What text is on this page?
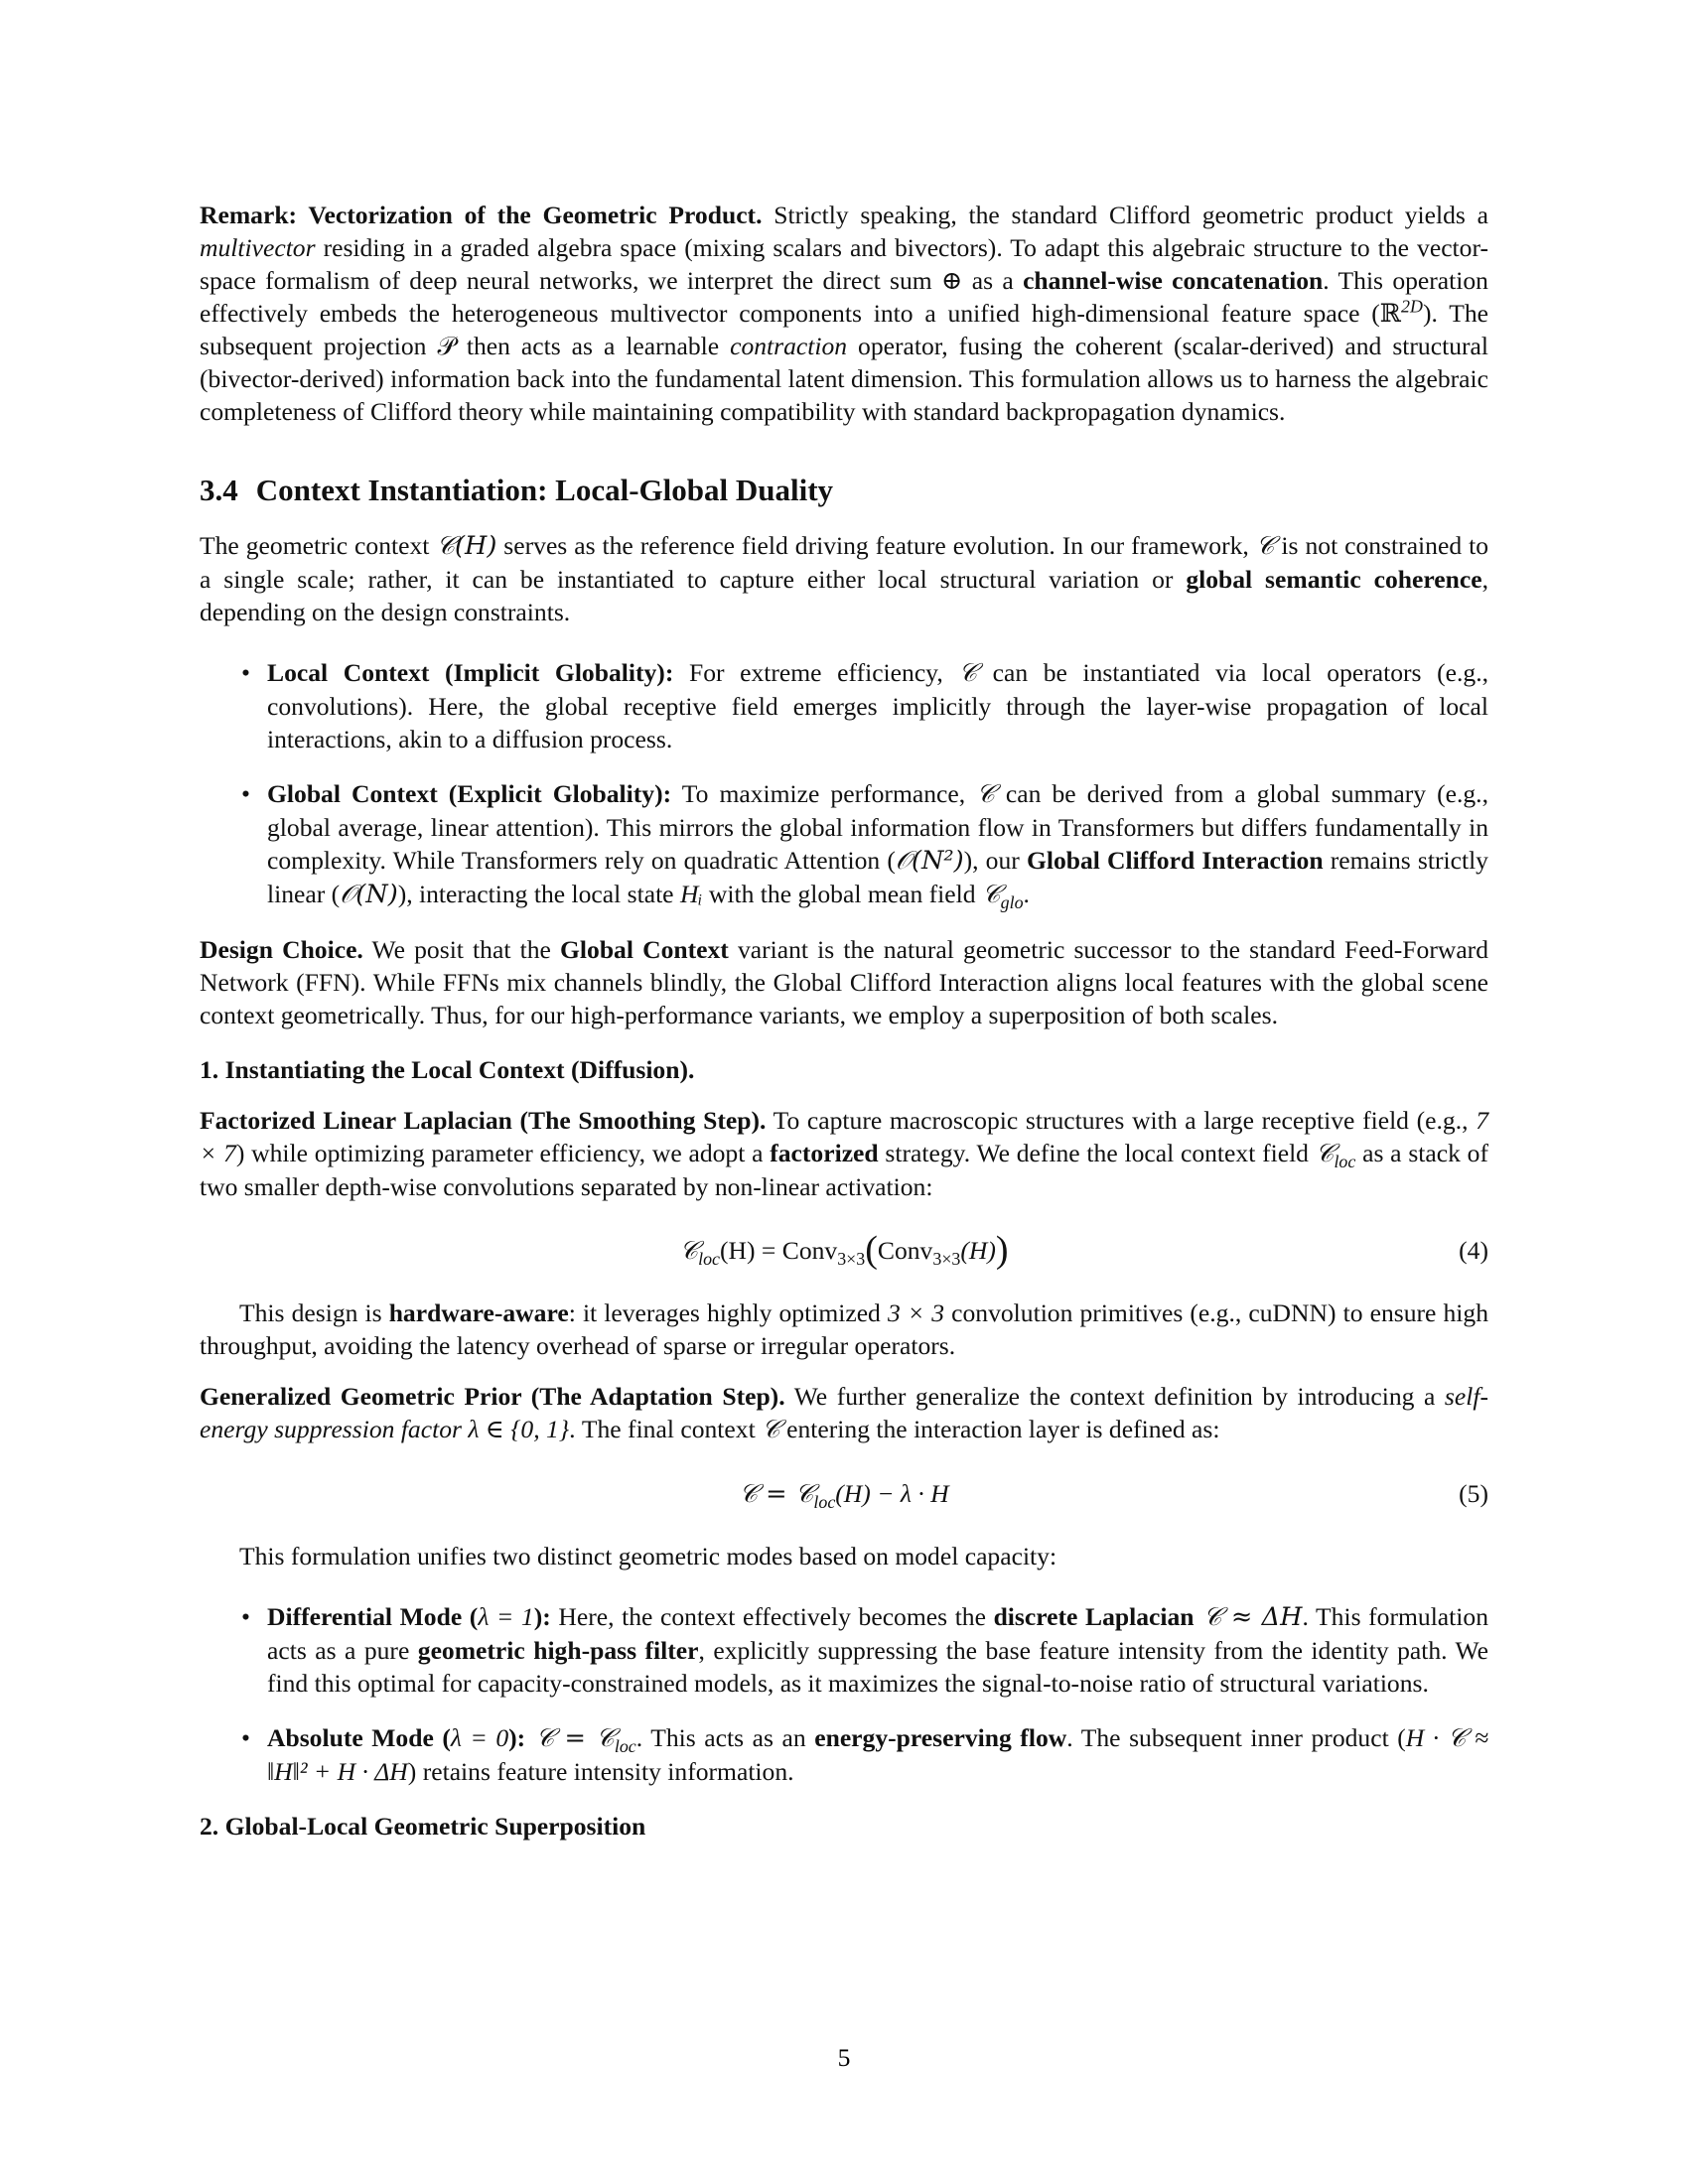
Remark: Vectorization of the Geometric Product. Strictly speaking, the standard Clifford geometric product yields a multivector residing in a graded algebra space (mixing scalars and bivectors). To adapt this algebraic structure to the vector-space formalism of deep neural networks, we interpret the direct sum ⊕ as a channel-wise concatenation. This operation effectively embeds the heterogeneous multivector components into a unified high-dimensional feature space (ℝ$^{2D}$). The subsequent projection 𝒫 then acts as a learnable contraction operator, fusing the coherent (scalar-derived) and structural (bivector-derived) information back into the fundamental latent dimension. This formulation allows us to harness the algebraic completeness of Clifford theory while maintaining compatibility with standard backpropagation dynamics.

3.4 Context Instantiation: Local-Global Duality

The geometric context 𝒞(H) serves as the reference field driving feature evolution. In our framework, 𝒞 is not constrained to a single scale; rather, it can be instantiated to capture either local structural variation or global semantic coherence, depending on the design constraints.

• Local Context (Implicit Globality): For extreme efficiency, 𝒞 can be instantiated via local operators (e.g., convolutions). Here, the global receptive field emerges implicitly through the layer-wise propagation of local interactions, akin to a diffusion process.
• Global Context (Explicit Globality): To maximize performance, 𝒞 can be derived from a global summary (e.g., global average, linear attention). This mirrors the global information flow in Transformers but differs fundamentally in complexity. While Transformers rely on quadratic Attention (𝒪(N²)), our Global Clifford Interaction remains strictly linear (𝒪(N)), interacting the local state Hᵢ with the global mean field 𝒞$_{glo}$.

Design Choice. We posit that the Global Context variant is the natural geometric successor to the standard Feed-Forward Network (FFN). While FFNs mix channels blindly, the Global Clifford Interaction aligns local features with the global scene context geometrically. Thus, for our high-performance variants, we employ a superposition of both scales.

1. Instantiating the Local Context (Diffusion).

Factorized Linear Laplacian (The Smoothing Step). To capture macroscopic structures with a large receptive field (e.g., 7 × 7) while optimizing parameter efficiency, we adopt a factorized strategy. We define the local context field 𝒞$_{loc}$ as a stack of two smaller depth-wise convolutions separated by non-linear activation:

𝒞$_{loc}$(H) = Conv$_{3\times 3}$(Conv$_{3\times 3}$(H))	(4)

This design is hardware-aware: it leverages highly optimized 3 × 3 convolution primitives (e.g., cuDNN) to ensure high throughput, avoiding the latency overhead of sparse or irregular operators.

Generalized Geometric Prior (The Adaptation Step). We further generalize the context definition by introducing a self-energy suppression factor λ ∈ {0, 1}. The final context 𝒞 entering the interaction layer is defined as:

𝒞 = 𝒞$_{loc}$(H) − λ · H	(5)

This formulation unifies two distinct geometric modes based on model capacity:

• Differential Mode (λ = 1): Here, the context effectively becomes the discrete Laplacian 𝒞 ≈ ΔH. This formulation acts as a pure geometric high-pass filter, explicitly suppressing the base feature intensity from the identity path. We find this optimal for capacity-constrained models, as it maximizes the signal-to-noise ratio of structural variations.
• Absolute Mode (λ = 0): 𝒞 = 𝒞$_{loc}$. This acts as an energy-preserving flow. The subsequent inner product (H · 𝒞 ≈ ‖H‖² + H · ΔH) retains feature intensity information.

2. Global-Local Geometric Superposition

5
